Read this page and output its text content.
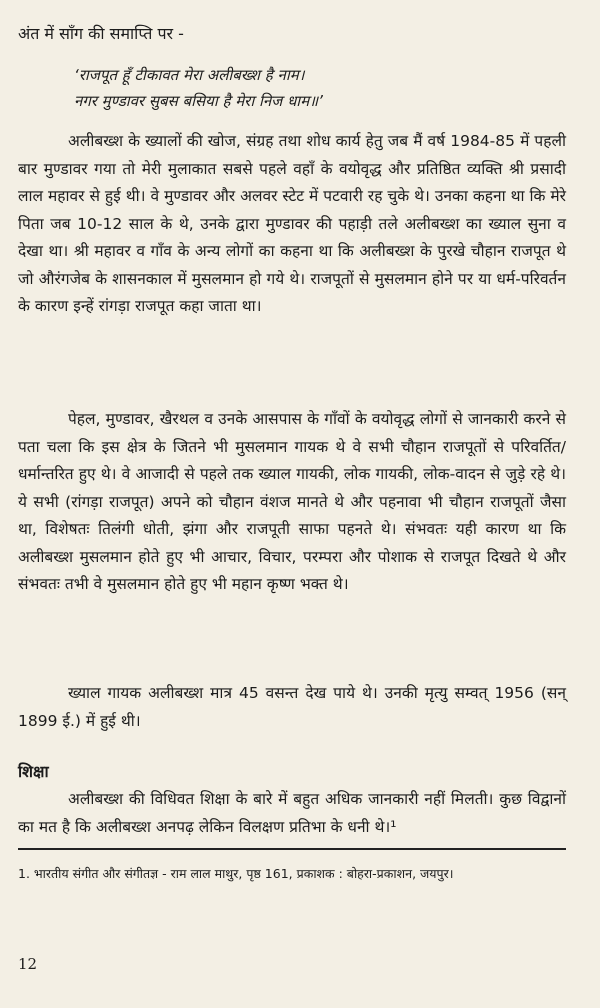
अंत में साँग की समाप्ति पर -
‘राजपूत हूँ टीकावत मेरा अलीबख्श है नाम।
नगर मुण्डावर सुबस बसिया है मेरा निज धाम॥’

अलीबख्श के ख्यालों की खोज, संग्रह तथा शोध कार्य हेतु जब मैं वर्ष 1984-85 में पहली बार मुण्डावर गया तो मेरी मुलाकात सबसे पहले वहाँ के वयोवृद्ध और प्रतिष्ठित व्यक्ति श्री प्रसादी लाल महावर से हुई थी। वे मुण्डावर और अलवर स्टेट में पटवारी रह चुके थे। उनका कहना था कि मेरे पिता जब 10-12 साल के थे, उनके द्वारा मुण्डावर की पहाड़ी तले अलीबख्श का ख्याल सुना व देखा था। श्री महावर व गाँव के अन्य लोगों का कहना था कि अलीबख्श के पुरखे चौहान राजपूत थे जो औरंगजेब के शासनकाल में मुसलमान हो गये थे। राजपूतों से मुसलमान होने पर या धर्म-परिवर्तन के कारण इन्हें रांगड़ा राजपूत कहा जाता था।

पेहल, मुण्डावर, खैरथल व उनके आसपास के गाँवों के वयोवृद्ध लोगों से जानकारी करने से पता चला कि इस क्षेत्र के जितने भी मुसलमान गायक थे वे सभी चौहान राजपूतों से परिवर्तित/धर्मान्तरित हुए थे। वे आजादी से पहले तक ख्याल गायकी, लोक गायकी, लोक-वादन से जुड़े रहे थे। ये सभी (रांगड़ा राजपूत) अपने को चौहान वंशज मानते थे और पहनावा भी चौहान राजपूतों जैसा था, विशेषतः तिलंगी धोती, झंगा और राजपूती साफा पहनते थे। संभवतः यही कारण था कि अलीबख्श मुसलमान होते हुए भी आचार, विचार, परम्परा और पोशाक से राजपूत दिखते थे और संभवतः तभी वे मुसलमान होते हुए भी महान कृष्ण भक्त थे।

ख्याल गायक अलीबख्श मात्र 45 वसन्त देख पाये थे। उनकी मृत्यु सम्वत् 1956 (सन् 1899 ई.) में हुई थी।

शिक्षा

अलीबख्श की विधिवत शिक्षा के बारे में बहुत अधिक जानकारी नहीं मिलती। कुछ विद्वानों का मत है कि अलीबख्श अनपढ़ लेकिन विलक्षण प्रतिभा के धनी थे।¹

1. भारतीय संगीत और संगीतज्ञ - राम लाल माथुर, पृष्ठ 161, प्रकाशक : बोहरा-प्रकाशन, जयपुर।
12
